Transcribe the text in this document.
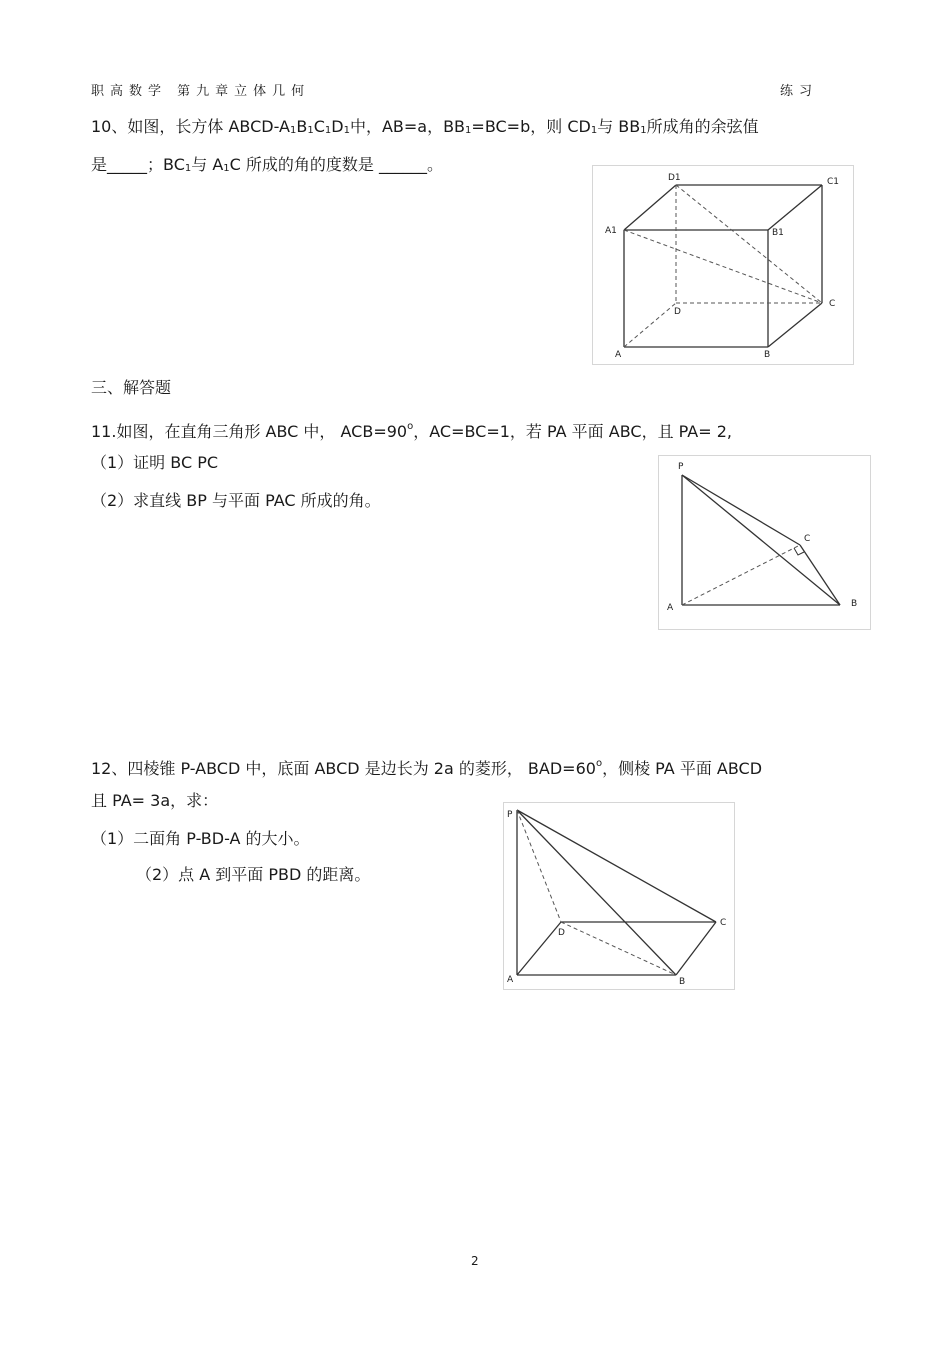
职高数学 第九章立体几何	练习
10、如图，长方体 ABCD-A1B1C1D1中，AB=a，BB1=BC=b，则 CD1与 BB1所成角的余弦值
是_____；BC1与 A1C 所成的角的度数是 ______。
D1	C1
A1	B1
D
C
A	B
三、解答题
11.如图，在直角三角形 ABC 中， $ACB=90^o$，AC=BC=1，若 PA 平面 ABC，且 PA= 2,
（1）证明 BC PC
（2）求直线 BP 与平面 PAC 所成的角。
P
C
A	B
12、四棱锥 P-ABCD 中，底面 ABCD 是边长为 2a 的菱形， $BAD=60^o$，侧棱 PA 平面 ABCD
且 PA= 3a，求：
（1）二面角 P-BD-A 的大小。
（2）点 A 到平面 PBD 的距离。
P
D
C
A	B
2
